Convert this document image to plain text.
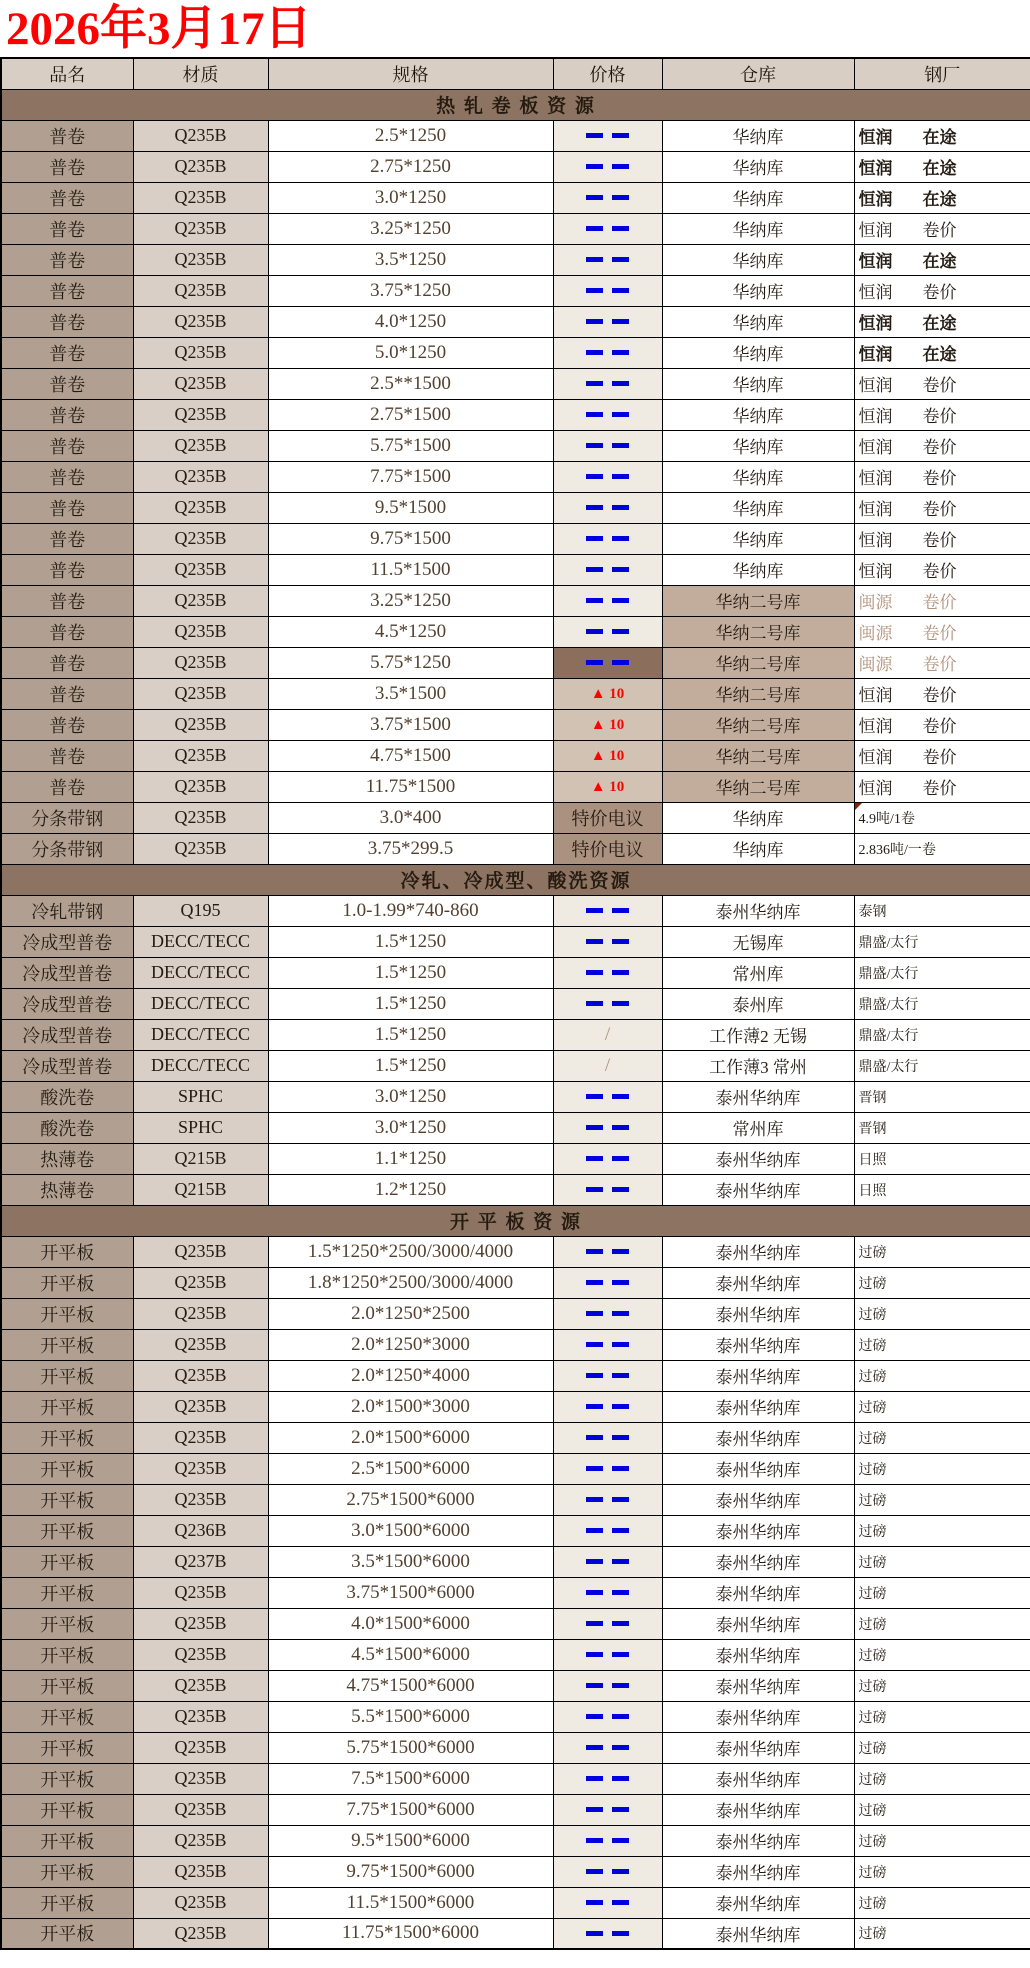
2026年3月17日
品名	材质	规格	价格	仓库	钢厂
热 轧 卷 板 资 源					
普卷	Q235B	2.5*1250		华纳库	恒润 在途
普卷	Q235B	2.75*1250		华纳库	恒润 在途
普卷	Q235B	3.0*1250		华纳库	恒润 在途
普卷	Q235B	3.25*1250		华纳库	恒润 卷价
普卷	Q235B	3.5*1250		华纳库	恒润 在途
普卷	Q235B	3.75*1250		华纳库	恒润 卷价
普卷	Q235B	4.0*1250		华纳库	恒润 在途
普卷	Q235B	5.0*1250		华纳库	恒润 在途
普卷	Q235B	2.5**1500		华纳库	恒润 卷价
普卷	Q235B	2.75*1500		华纳库	恒润 卷价
普卷	Q235B	5.75*1500		华纳库	恒润 卷价
普卷	Q235B	7.75*1500		华纳库	恒润 卷价
普卷	Q235B	9.5*1500		华纳库	恒润 卷价
普卷	Q235B	9.75*1500		华纳库	恒润 卷价
普卷	Q235B	11.5*1500		华纳库	恒润 卷价
普卷	Q235B	3.25*1250		华纳二号库	闽源 卷价
普卷	Q235B	4.5*1250		华纳二号库	闽源 卷价
普卷	Q235B	5.75*1250		华纳二号库	闽源 卷价
普卷	Q235B	3.5*1500	▲ 10	华纳二号库	恒润 卷价
普卷	Q235B	3.75*1500	▲ 10	华纳二号库	恒润 卷价
普卷	Q235B	4.75*1500	▲ 10	华纳二号库	恒润 卷价
普卷	Q235B	11.75*1500	▲ 10	华纳二号库	恒润 卷价
分条带钢	Q235B	3.0*400	特价电议	华纳库	4.9吨/1卷
分条带钢	Q235B	3.75*299.5	特价电议	华纳库	2.836吨/一卷
冷轧、冷成型、酸洗资源					
冷轧带钢	Q195	1.0-1.99*740-860		泰州华纳库	泰钢
冷成型普卷	DECC/TECC	1.5*1250		无锡库	鼎盛/太行
冷成型普卷	DECC/TECC	1.5*1250		常州库	鼎盛/太行
冷成型普卷	DECC/TECC	1.5*1250		泰州库	鼎盛/太行
冷成型普卷	DECC/TECC	1.5*1250	/	工作薄2 无锡	鼎盛/太行
冷成型普卷	DECC/TECC	1.5*1250	/	工作薄3 常州	鼎盛/太行
酸洗卷	SPHC	3.0*1250		泰州华纳库	晋钢
酸洗卷	SPHC	3.0*1250		常州库	晋钢
热薄卷	Q215B	1.1*1250		泰州华纳库	日照
热薄卷	Q215B	1.2*1250		泰州华纳库	日照
开 平 板 资 源					
开平板	Q235B	1.5*1250*2500/3000/4000		泰州华纳库	过磅
开平板	Q235B	1.8*1250*2500/3000/4000		泰州华纳库	过磅
开平板	Q235B	2.0*1250*2500		泰州华纳库	过磅
开平板	Q235B	2.0*1250*3000		泰州华纳库	过磅
开平板	Q235B	2.0*1250*4000		泰州华纳库	过磅
开平板	Q235B	2.0*1500*3000		泰州华纳库	过磅
开平板	Q235B	2.0*1500*6000		泰州华纳库	过磅
开平板	Q235B	2.5*1500*6000		泰州华纳库	过磅
开平板	Q235B	2.75*1500*6000		泰州华纳库	过磅
开平板	Q236B	3.0*1500*6000		泰州华纳库	过磅
开平板	Q237B	3.5*1500*6000		泰州华纳库	过磅
开平板	Q235B	3.75*1500*6000		泰州华纳库	过磅
开平板	Q235B	4.0*1500*6000		泰州华纳库	过磅
开平板	Q235B	4.5*1500*6000		泰州华纳库	过磅
开平板	Q235B	4.75*1500*6000		泰州华纳库	过磅
开平板	Q235B	5.5*1500*6000		泰州华纳库	过磅
开平板	Q235B	5.75*1500*6000		泰州华纳库	过磅
开平板	Q235B	7.5*1500*6000		泰州华纳库	过磅
开平板	Q235B	7.75*1500*6000		泰州华纳库	过磅
开平板	Q235B	9.5*1500*6000		泰州华纳库	过磅
开平板	Q235B	9.75*1500*6000		泰州华纳库	过磅
开平板	Q235B	11.5*1500*6000		泰州华纳库	过磅
开平板	Q235B	11.75*1500*6000		泰州华纳库	过磅
